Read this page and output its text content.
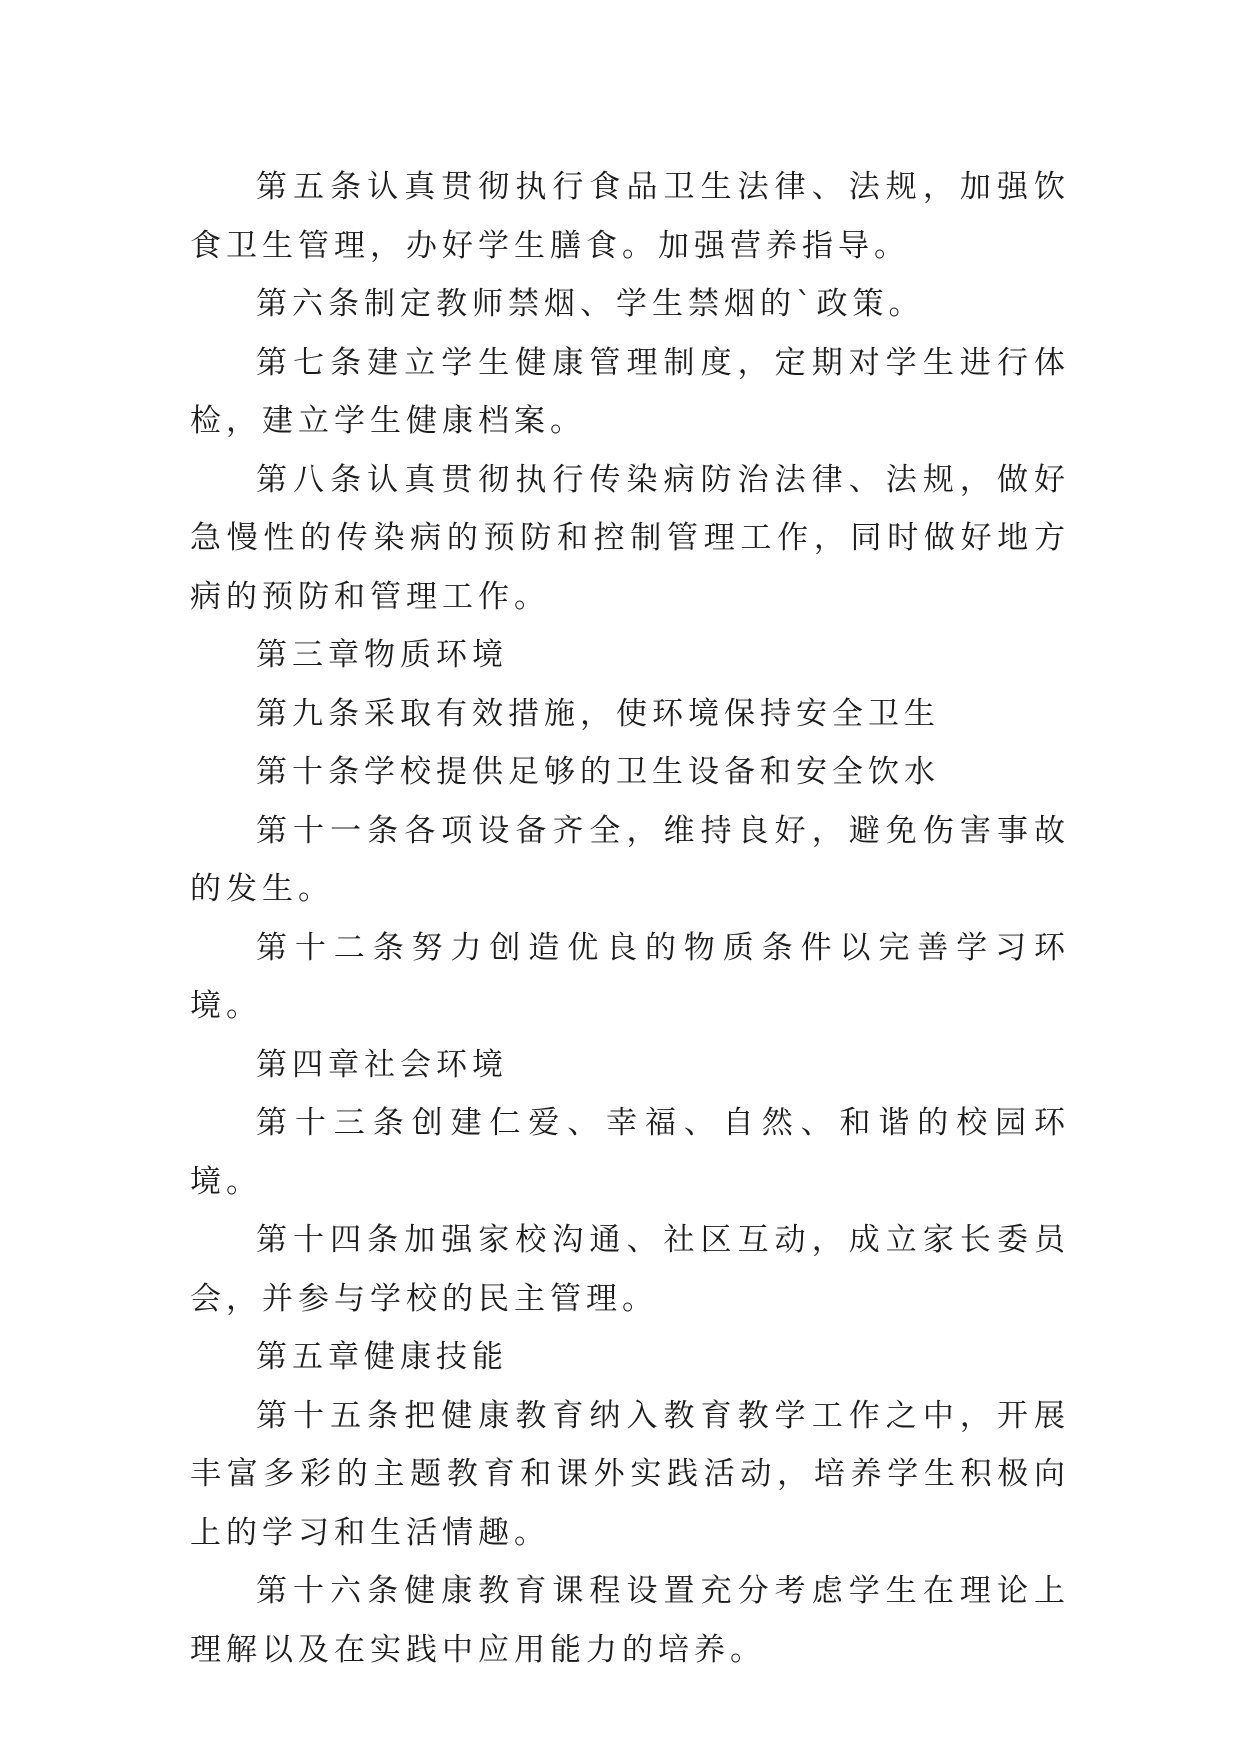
第五条认真贯彻执行食品卫生法律、法规，加强饮食卫生管理，办好学生膳食。加强营养指导。

第六条制定教师禁烟、学生禁烟的`政策。

第七条建立学生健康管理制度，定期对学生进行体检，建立学生健康档案。

第八条认真贯彻执行传染病防治法律、法规，做好急慢性的传染病的预防和控制管理工作，同时做好地方病的预防和管理工作。

第三章物质环境

第九条采取有效措施，使环境保持安全卫生

第十条学校提供足够的卫生设备和安全饮水

第十一条各项设备齐全，维持良好，避免伤害事故的发生。

第十二条努力创造优良的物质条件以完善学习环境。

第四章社会环境

第十三条创建仁爱、幸福、自然、和谐的校园环境。

第十四条加强家校沟通、社区互动，成立家长委员会，并参与学校的民主管理。

第五章健康技能

第十五条把健康教育纳入教育教学工作之中，开展丰富多彩的主题教育和课外实践活动，培养学生积极向上的学习和生活情趣。

第十六条健康教育课程设置充分考虑学生在理论上理解以及在实践中应用能力的培养。
